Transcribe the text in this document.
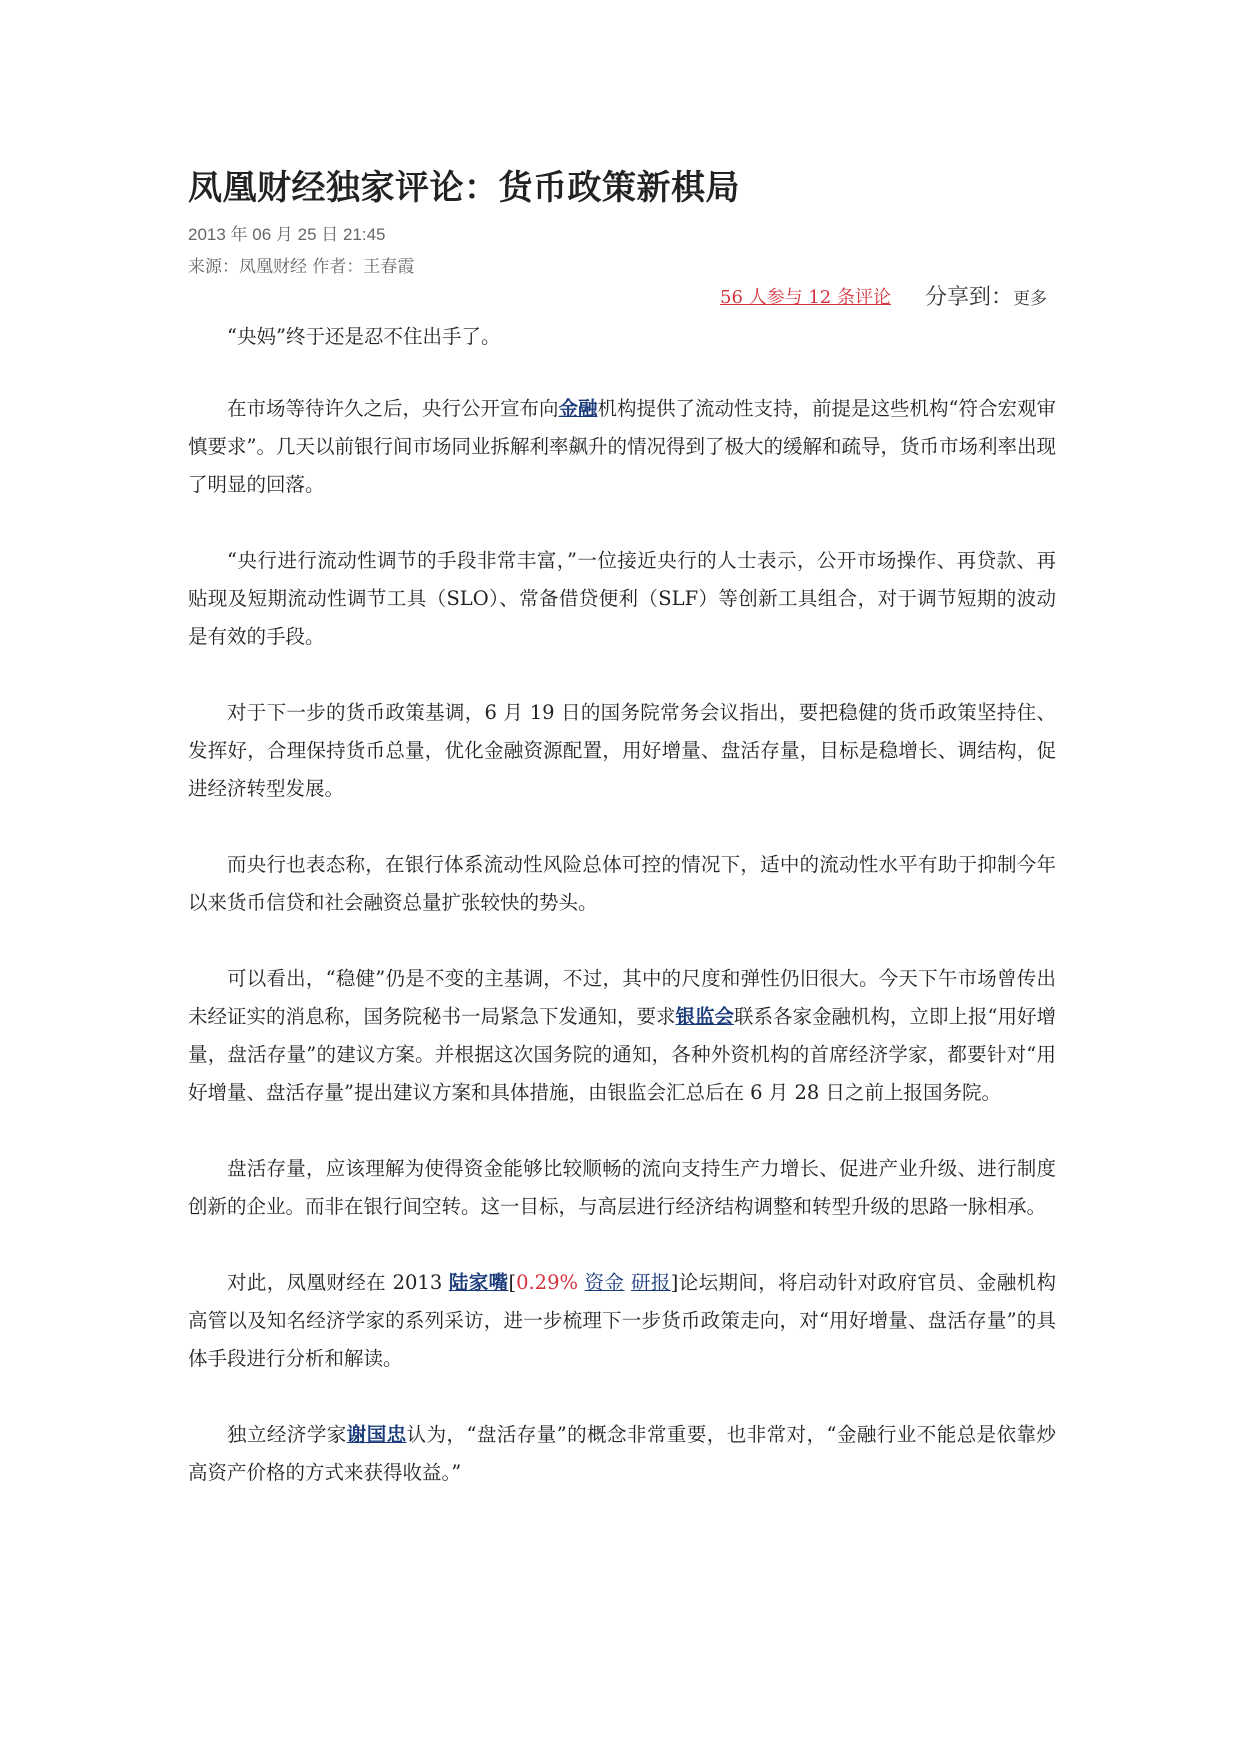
凤凰财经独家评论：货币政策新棋局
2013 年 06 月 25 日 21:45
来源：凤凰财经 作者：王春霞
56 人参与 12 条评论 分享到：更多

“央妈”终于还是忍不住出手了。

在市场等待许久之后，央行公开宣布向金融机构提供了流动性支持，前提是这些机构“符合宏观审慎要求”。几天以前银行间市场同业拆解利率飙升的情况得到了极大的缓解和疏导，货币市场利率出现了明显的回落。

“央行进行流动性调节的手段非常丰富，”一位接近央行的人士表示，公开市场操作、再贷款、再贴现及短期流动性调节工具（SLO）、常备借贷便利（SLF）等创新工具组合，对于调节短期的波动是有效的手段。

对于下一步的货币政策基调，6 月 19 日的国务院常务会议指出，要把稳健的货币政策坚持住、发挥好，合理保持货币总量，优化金融资源配置，用好增量、盘活存量，目标是稳增长、调结构，促进经济转型发展。

而央行也表态称，在银行体系流动性风险总体可控的情况下，适中的流动性水平有助于抑制今年以来货币信贷和社会融资总量扩张较快的势头。

可以看出，“稳健”仍是不变的主基调，不过，其中的尺度和弹性仍旧很大。今天下午市场曾传出未经证实的消息称，国务院秘书一局紧急下发通知，要求银监会联系各家金融机构，立即上报“用好增量，盘活存量”的建议方案。并根据这次国务院的通知，各种外资机构的首席经济学家，都要针对“用好增量、盘活存量”提出建议方案和具体措施，由银监会汇总后在 6 月 28 日之前上报国务院。

盘活存量，应该理解为使得资金能够比较顺畅的流向支持生产力增长、促进产业升级、进行制度创新的企业。而非在银行间空转。这一目标，与高层进行经济结构调整和转型升级的思路一脉相承。

对此，凤凰财经在 2013 陆家嘴[0.29% 资金 研报]论坛期间，将启动针对政府官员、金融机构高管以及知名经济学家的系列采访，进一步梳理下一步货币政策走向，对“用好增量、盘活存量”的具体手段进行分析和解读。

独立经济学家谢国忠认为，“盘活存量”的概念非常重要，也非常对，“金融行业不能总是依靠炒高资产价格的方式来获得收益。”
